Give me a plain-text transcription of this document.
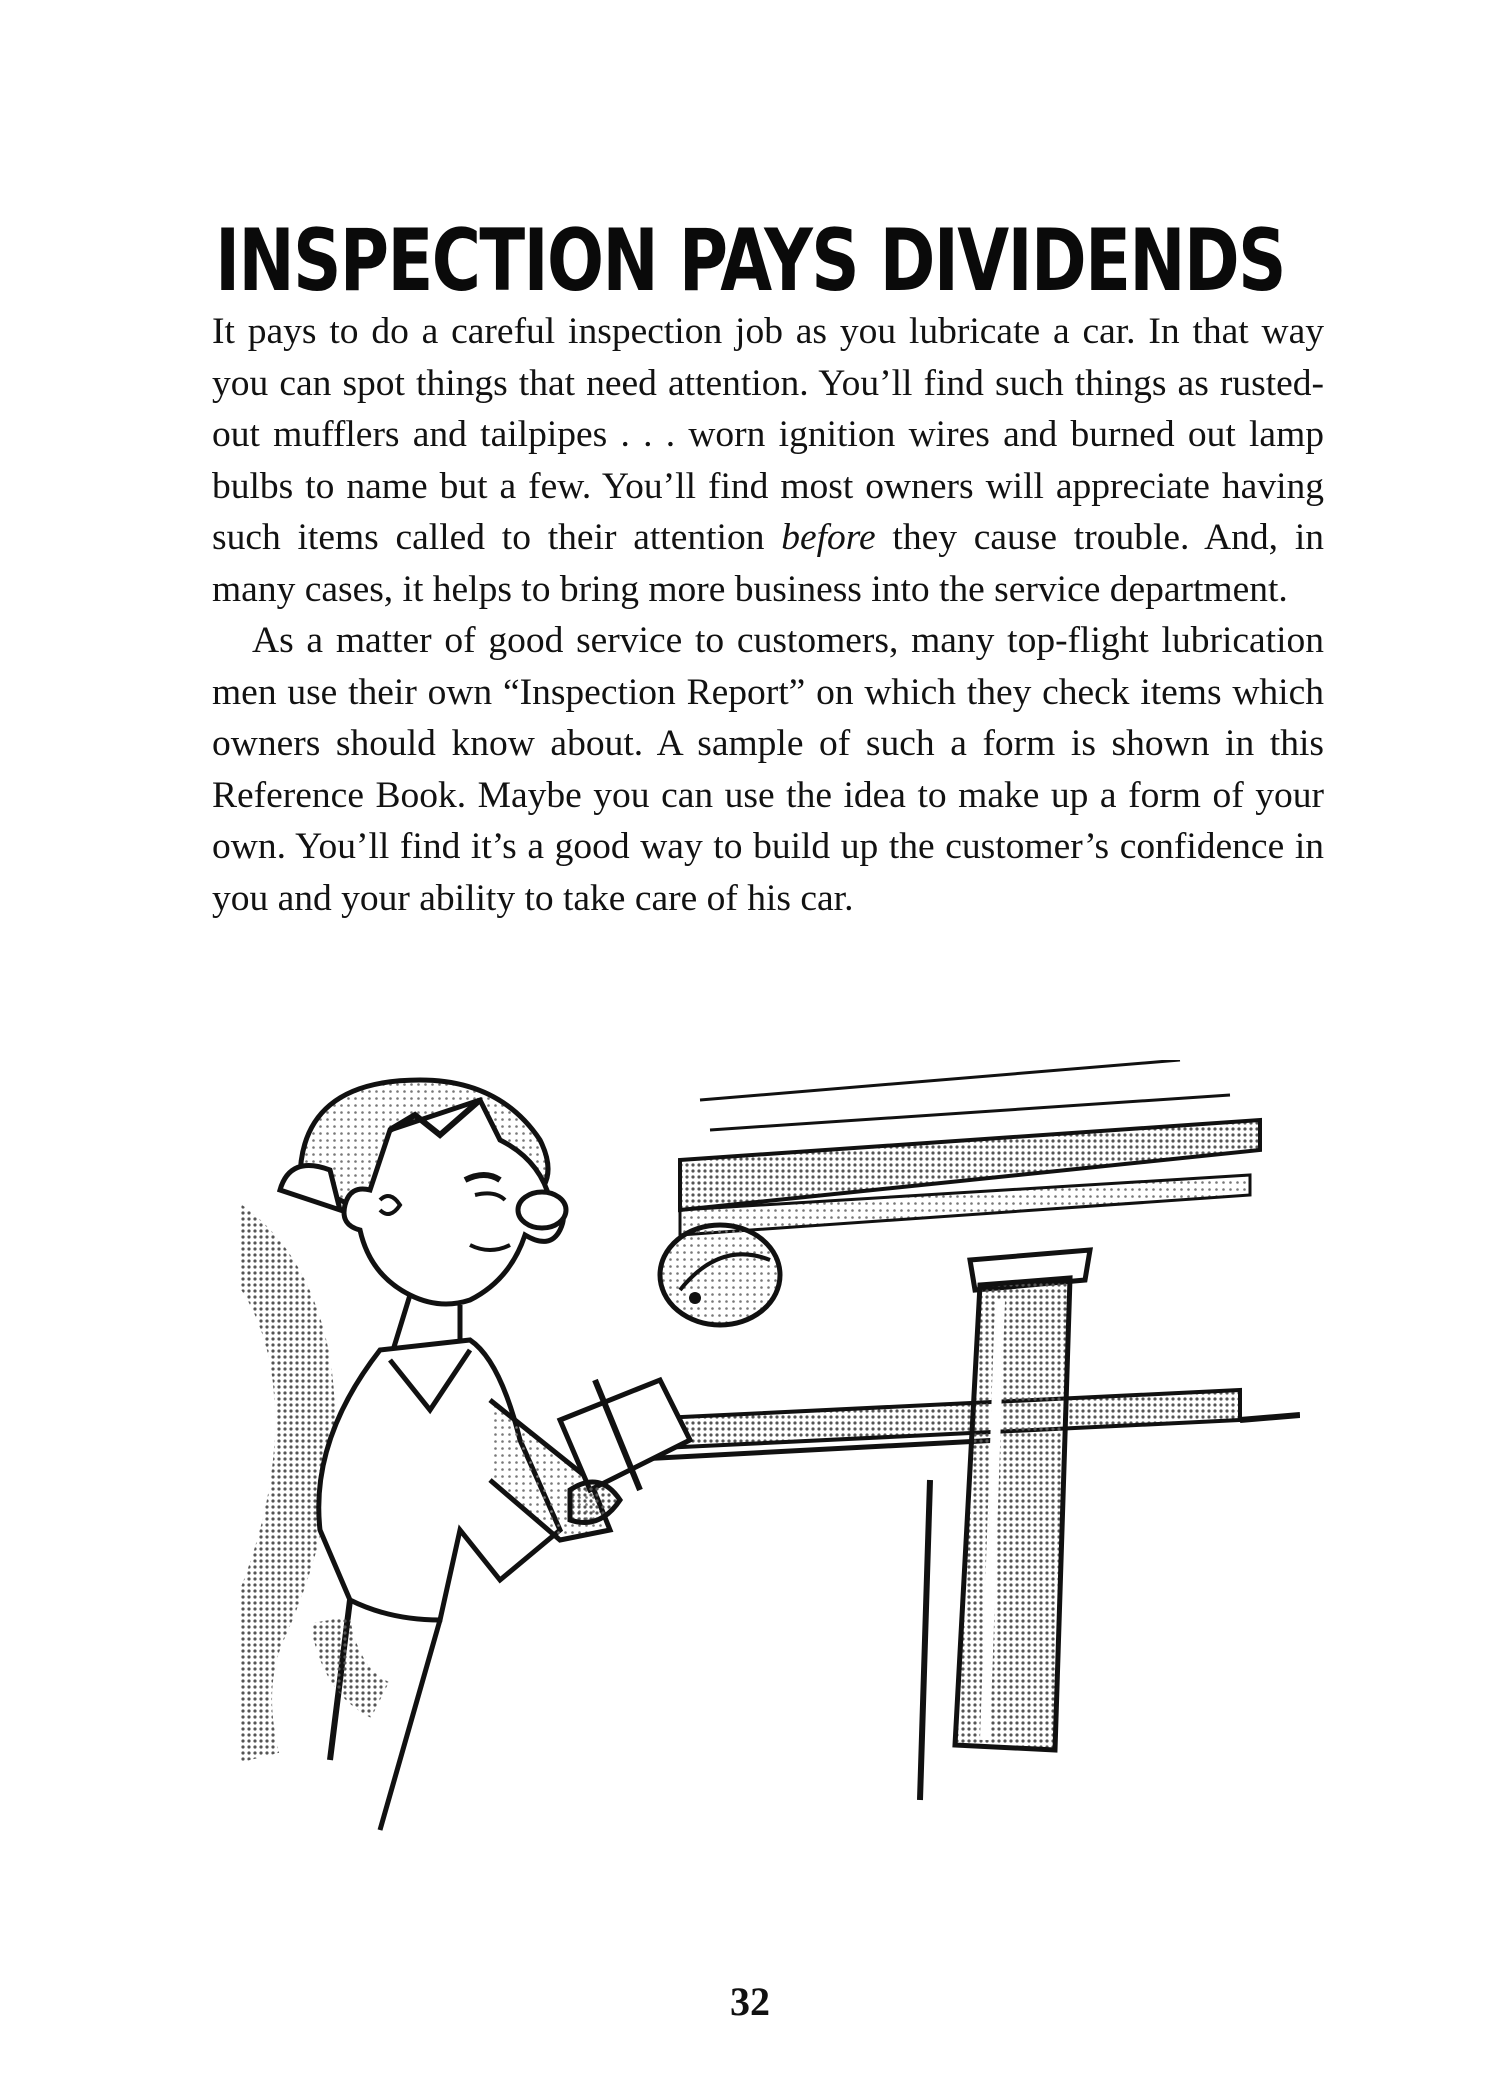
INSPECTION PAYS DIVIDENDS

It pays to do a careful inspection job as you lubricate a car. In that way you can spot things that need attention. You’ll find such things as rusted-out mufflers and tailpipes . . . worn ignition wires and burned out lamp bulbs to name but a few. You’ll find most owners will appreciate having such items called to their attention before they cause trouble. And, in many cases, it helps to bring more business into the service department.

As a matter of good service to customers, many top-flight lubrication men use their own “Inspection Report” on which they check items which owners should know about. A sample of such a form is shown in this Reference Book. Maybe you can use the idea to make up a form of your own. You’ll find it’s a good way to build up the customer’s confidence in you and your ability to take care of his car.

32
